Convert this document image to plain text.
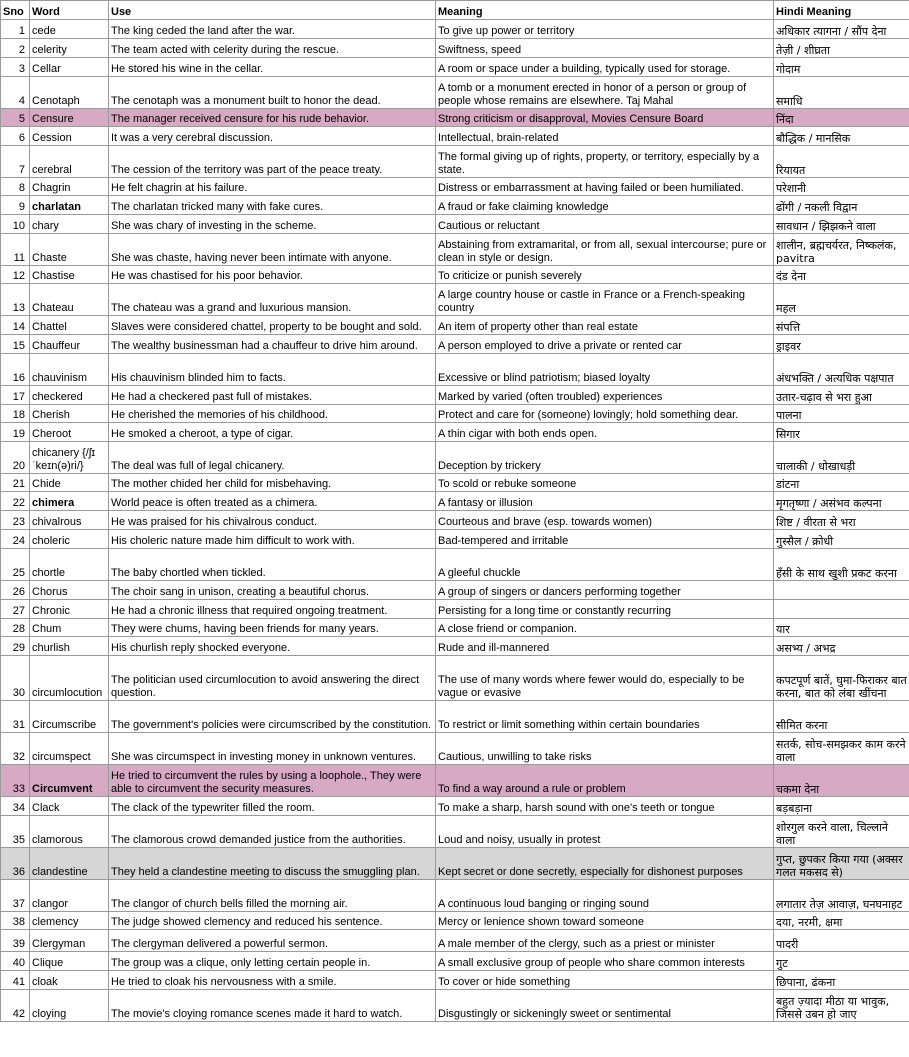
Sno	Word	Use	Meaning	Hindi Meaning
1	cede	The king ceded the land after the war.	To give up power or territory	अधिकार त्यागना / सौंप देना
2	celerity	The team acted with celerity during the rescue.	Swiftness, speed	तेज़ी / शीघ्रता
3	Cellar	He stored his wine in the cellar.	A room or space under a building, typically used for storage.	गोदाम
4	Cenotaph	The cenotaph was a monument built to honor the dead.	A tomb or a monument erected in honor of a person or group of people whose remains are elsewhere. Taj Mahal	समाधि
5	Censure	The manager received censure for his rude behavior.	Strong criticism or disapproval, Movies Censure Board	निंदा
6	Cession	It was a very cerebral discussion.	Intellectual, brain-related	बौद्धिक / मानसिक
7	cerebral	The cession of the territory was part of the peace treaty.	The formal giving up of rights, property, or territory, especially by a state.	रियायत
8	Chagrin	He felt chagrin at his failure.	Distress or embarrassment at having failed or been humiliated.	परेशानी
9	charlatan	The charlatan tricked many with fake cures.	A fraud or fake claiming knowledge	ढोंगी / नकली विद्वान
10	chary	She was chary of investing in the scheme.	Cautious or reluctant	सावधान / झिझकने वाला
11	Chaste	She was chaste, having never been intimate with anyone.	Abstaining from extramarital, or from all, sexual intercourse; pure or clean in style or design.	शालीन, ब्रह्मचर्यरत, निष्कलंक, pavitra
12	Chastise	He was chastised for his poor behavior.	To criticize or punish severely	दंड देना
13	Chateau	The chateau was a grand and luxurious mansion.	A large country house or castle in France or a French-speaking country	महल
14	Chattel	Slaves were considered chattel, property to be bought and sold.	An item of property other than real estate	संपत्ति
15	Chauffeur	The wealthy businessman had a chauffeur to drive him around.	A person employed to drive a private or rented car	ड्राइवर
16	chauvinism	His chauvinism blinded him to facts.	Excessive or blind patriotism; biased loyalty	अंधभक्ति / अत्यधिक पक्षपात
17	checkered	He had a checkered past full of mistakes.	Marked by varied (often troubled) experiences	उतार-चढ़ाव से भरा हुआ
18	Cherish	He cherished the memories of his childhood.	Protect and care for (someone) lovingly; hold something dear.	पालना
19	Cheroot	He smoked a cheroot, a type of cigar.	A thin cigar with both ends open.	सिगार
20	chicanery {/ʃɪˈkeɪn(ə)ri/}	The deal was full of legal chicanery.	Deception by trickery	चालाकी / धोखाधड़ी
21	Chide	The mother chided her child for misbehaving.	To scold or rebuke someone	डांटना
22	chimera	World peace is often treated as a chimera.	A fantasy or illusion	मृगतृष्णा / असंभव कल्पना
23	chivalrous	He was praised for his chivalrous conduct.	Courteous and brave (esp. towards women)	शिष्ट / वीरता से भरा
24	choleric	His choleric nature made him difficult to work with.	Bad-tempered and irritable	गुस्सैल / क्रोधी
25	chortle	The baby chortled when tickled.	A gleeful chuckle	हँसी के साथ खुशी प्रकट करना
26	Chorus	The choir sang in unison, creating a beautiful chorus.	A group of singers or dancers performing together	
27	Chronic	He had a chronic illness that required ongoing treatment.	Persisting for a long time or constantly recurring	
28	Chum	They were chums, having been friends for many years.	A close friend or companion.	यार
29	churlish	His churlish reply shocked everyone.	Rude and ill-mannered	असभ्य / अभद्र
30	circumlocution	The politician used circumlocution to avoid answering the direct question.	The use of many words where fewer would do, especially to be vague or evasive	कपटपूर्ण बातें, घुमा-फिराकर बात करना, बात को लंबा खींचना
31	Circumscribe	The government's policies were circumscribed by the constitution.	To restrict or limit something within certain boundaries	सीमित करना
32	circumspect	She was circumspect in investing money in unknown ventures.	Cautious, unwilling to take risks	सतर्क, सोच-समझकर काम करने वाला
33	Circumvent	He tried to circumvent the rules by using a loophole., They were able to circumvent the security measures.	To find a way around a rule or problem	चकमा देना
34	Clack	The clack of the typewriter filled the room.	To make a sharp, harsh sound with one's teeth or tongue	बड़बड़ाना
35	clamorous	The clamorous crowd demanded justice from the authorities.	Loud and noisy, usually in protest	शोरगुल करने वाला, चिल्लाने वाला
36	clandestine	They held a clandestine meeting to discuss the smuggling plan.	Kept secret or done secretly, especially for dishonest purposes	गुप्त, छुपकर किया गया (अक्सर गलत मकसद से)
37	clangor	The clangor of church bells filled the morning air.	A continuous loud banging or ringing sound	लगातार तेज़ आवाज़, घनघनाहट
38	clemency	The judge showed clemency and reduced his sentence.	Mercy or lenience shown toward someone	दया, नरमी, क्षमा
39	Clergyman	The clergyman delivered a powerful sermon.	A male member of the clergy, such as a priest or minister	पादरी
40	Clique	The group was a clique, only letting certain people in.	A small exclusive group of people who share common interests	गुट
41	cloak	He tried to cloak his nervousness with a smile.	To cover or hide something	छिपाना, ढंकना
42	cloying	The movie's cloying romance scenes made it hard to watch.	Disgustingly or sickeningly sweet or sentimental	बहुत ज़्यादा मीठा या भावुक, जिससे उबन हो जाए
